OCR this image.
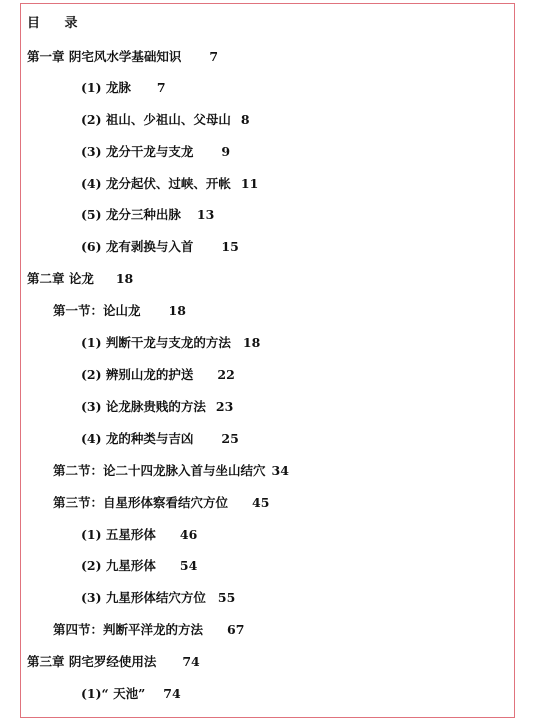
目 录
第一章 阴宅风水学基础知识 7
(1) 龙脉 7
(2) 祖山、少祖山、父母山 8
(3) 龙分干龙与支龙 9
(4) 龙分起伏、过峡、开帐 11
(5) 龙分三种出脉 13
(6) 龙有剥换与入首 15
第二章 论龙 18
第一节：论山龙 18
(1) 判断干龙与支龙的方法 18
(2) 辨别山龙的护送 22
(3) 论龙脉贵贱的方法 23
(4) 龙的种类与吉凶 25
第二节：论二十四龙脉入首与坐山结穴 34
第三节：自星形体察看结穴方位 45
(1) 五星形体 46
(2) 九星形体 54
(3) 九星形体结穴方位 55
第四节：判断平洋龙的方法 67
第三章 阴宅罗经使用法 74
(1)“ 天池” 74
